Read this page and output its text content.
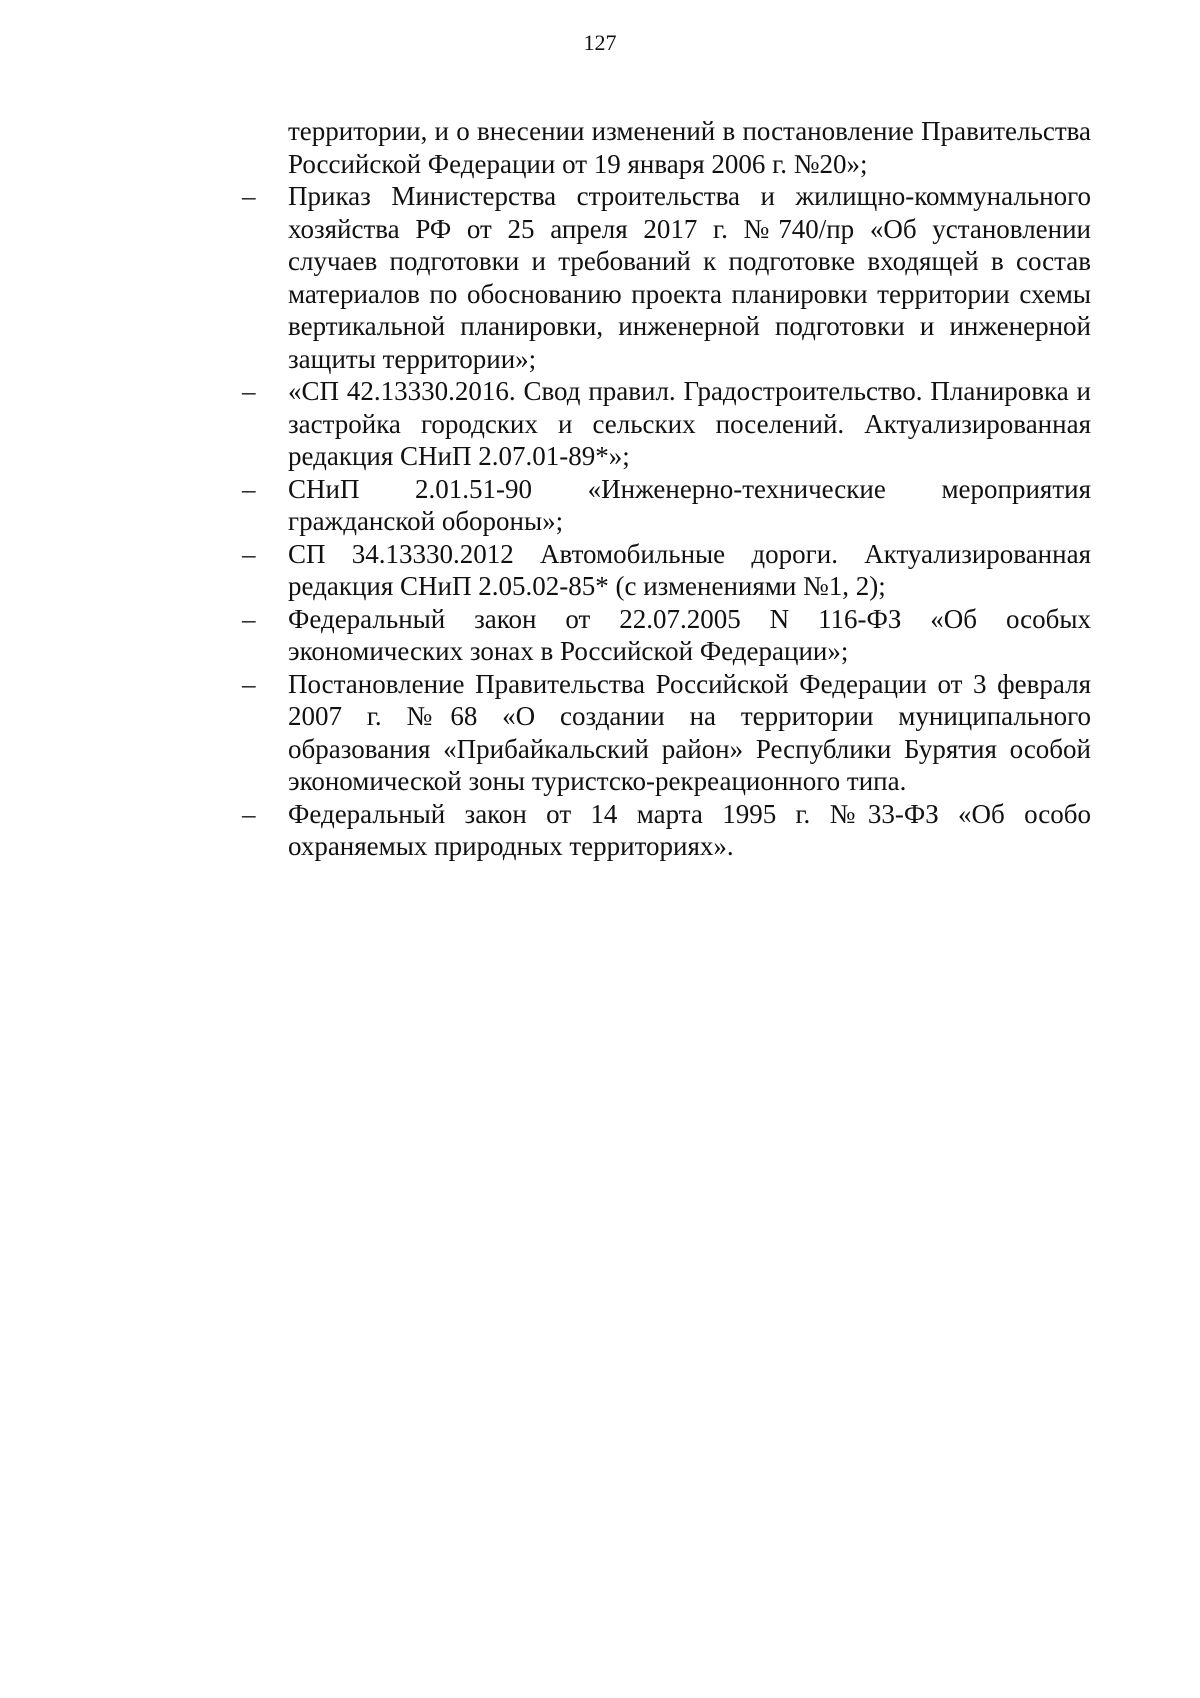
127

территории, и о внесении изменений в постановление Правительства Российской Федерации от 19 января 2006 г. №20»;

– Приказ Министерства строительства и жилищно-коммунального хозяйства РФ от 25 апреля 2017 г. №740/пр «Об установлении случаев подготовки и требований к подготовке входящей в состав материалов по обоснованию проекта планировки территории схемы вертикальной планировки, инженерной подготовки и инженерной защиты территории»;
– «СП 42.13330.2016. Свод правил. Градостроительство. Планировка и застройка городских и сельских поселений. Актуализированная редакция СНиП 2.07.01-89*»;
– СНиП 2.01.51-90 «Инженерно-технические мероприятия гражданской обороны»;
– СП 34.13330.2012 Автомобильные дороги. Актуализированная редакция СНиП 2.05.02-85* (с изменениями №1, 2);
– Федеральный закон от 22.07.2005 N 116-ФЗ «Об особых экономических зонах в Российской Федерации»;
– Постановление Правительства Российской Федерации от 3 февраля 2007 г. №68 «О создании на территории муниципального образования «Прибайкальский район» Республики Бурятия особой экономической зоны туристско-рекреационного типа.
– Федеральный закон от 14 марта 1995 г. №33-ФЗ «Об особо охраняемых природных территориях».
